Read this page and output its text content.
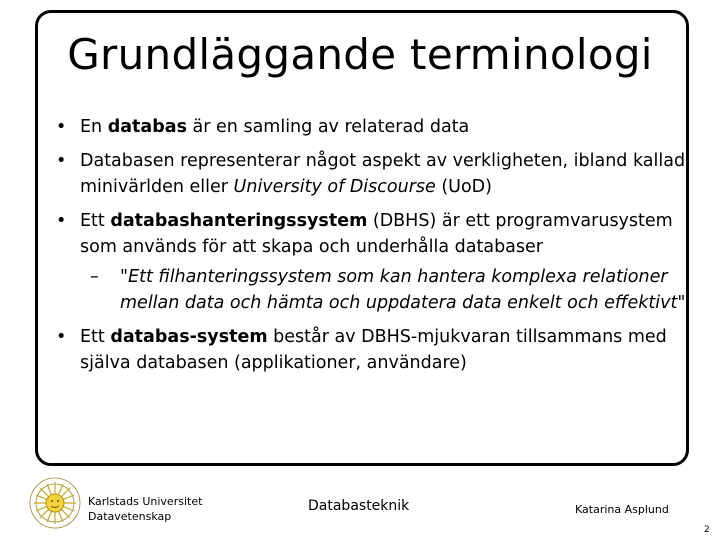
Grundläggande terminologi
• En databas är en samling av relaterad data
• Databasen representerar något aspekt av verkligheten, ibland kallad minivärlden eller University of Discourse (UoD)
• Ett databashanteringssystem (DBHS) är ett programvarusystem som används för att skapa och underhålla databaser
– "Ett filhanteringssystem som kan hantera komplexa relationer mellan data och hämta och uppdatera data enkelt och effektivt"
• Ett databas-system består av DBHS-mjukvaran tillsammans med själva databasen (applikationer, användare)
Karlstads Universitet
Datavetenskap
Databasteknik	Katarina Asplund
2
